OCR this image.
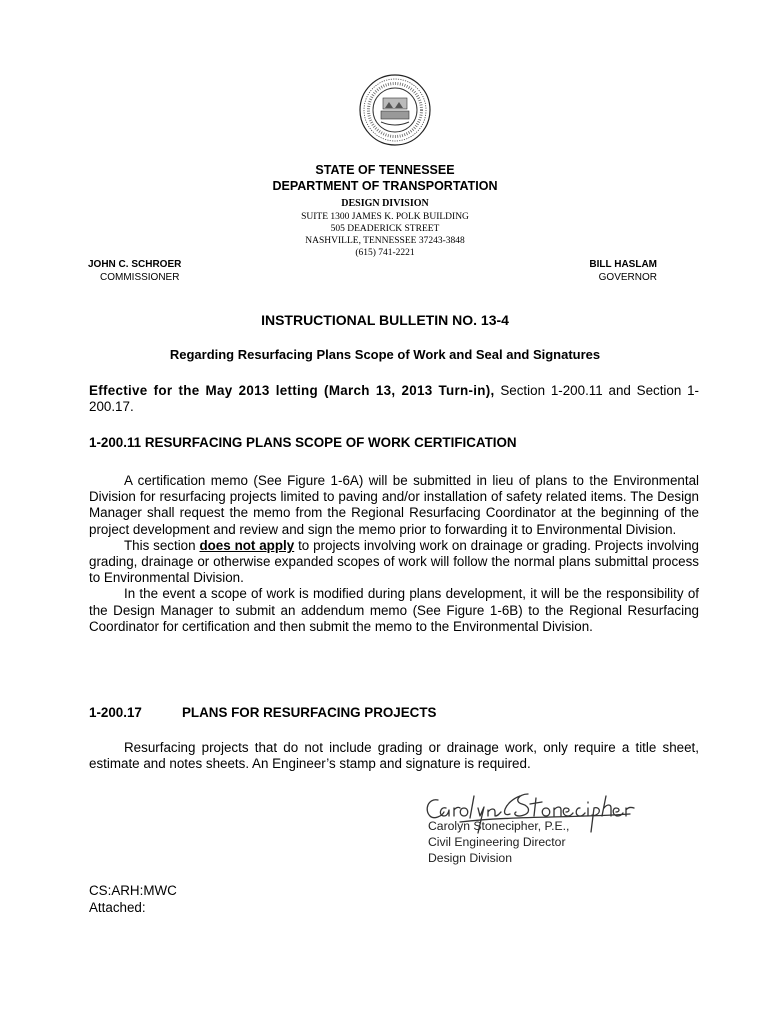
STATE OF TENNESSEE
DEPARTMENT OF TRANSPORTATION
DESIGN DIVISION
SUITE 1300 JAMES K. POLK BUILDING
505 DEADERICK STREET
NASHVILLE, TENNESSEE 37243-3848
(615) 741-2221
JOHN C. SCHROER
COMMISSIONER
BILL HASLAM
GOVERNOR
INSTRUCTIONAL BULLETIN NO. 13-4
Regarding Resurfacing Plans Scope of Work and Seal and Signatures
Effective for the May 2013 letting (March 13, 2013 Turn-in), Section 1-200.11 and Section 1-200.17.
1-200.11 RESURFACING PLANS SCOPE OF WORK CERTIFICATION

A certification memo (See Figure 1-6A) will be submitted in lieu of plans to the Environmental Division for resurfacing projects limited to paving and/or installation of safety related items. The Design Manager shall request the memo from the Regional Resurfacing Coordinator at the beginning of the project development and review and sign the memo prior to forwarding it to Environmental Division.

This section does not apply to projects involving work on drainage or grading. Projects involving grading, drainage or otherwise expanded scopes of work will follow the normal plans submittal process to Environmental Division.

In the event a scope of work is modified during plans development, it will be the responsibility of the Design Manager to submit an addendum memo (See Figure 1-6B) to the Regional Resurfacing Coordinator for certification and then submit the memo to the Environmental Division.

1-200.17	PLANS FOR RESURFACING PROJECTS

Resurfacing projects that do not include grading or drainage work, only require a title sheet, estimate and notes sheets. An Engineer’s stamp and signature is required.

Carolyn Stonecipher, P.E.,
Civil Engineering Director
Design Division
CS:ARH:MWC
Attached:
